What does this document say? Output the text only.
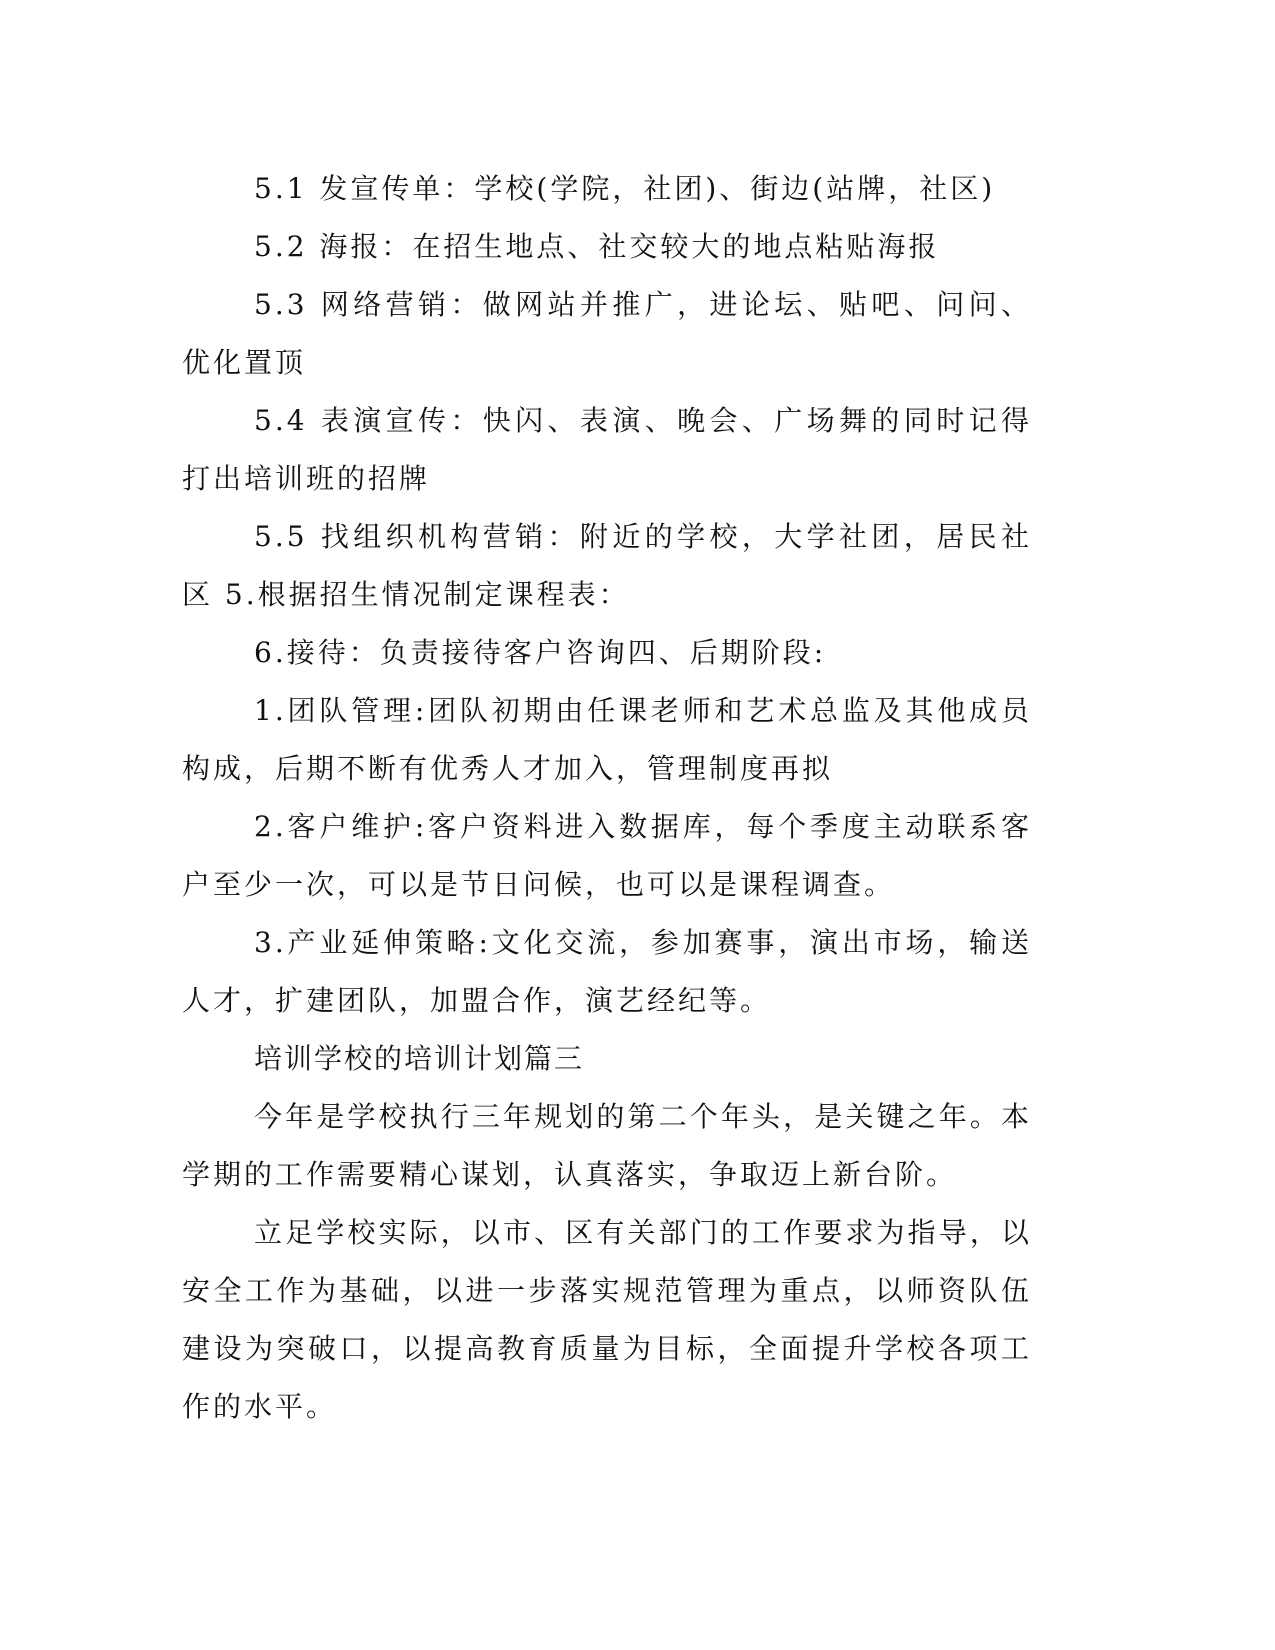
5.1 发宣传单：学校(学院，社团)、街边(站牌，社区)

5.2 海报：在招生地点、社交较大的地点粘贴海报

5.3 网络营销：做网站并推广，进论坛、贴吧、问问、优化置顶

5.4 表演宣传：快闪、表演、晚会、广场舞的同时记得打出培训班的招牌

5.5 找组织机构营销：附近的学校，大学社团，居民社区 5.根据招生情况制定课程表：

6.接待：负责接待客户咨询四、后期阶段:

1.团队管理:团队初期由任课老师和艺术总监及其他成员构成，后期不断有优秀人才加入，管理制度再拟

2.客户维护:客户资料进入数据库，每个季度主动联系客户至少一次，可以是节日问候，也可以是课程调查。

3.产业延伸策略:文化交流，参加赛事，演出市场，输送人才，扩建团队，加盟合作，演艺经纪等。

培训学校的培训计划篇三

今年是学校执行三年规划的第二个年头，是关键之年。本学期的工作需要精心谋划，认真落实，争取迈上新台阶。

立足学校实际，以市、区有关部门的工作要求为指导，以安全工作为基础，以进一步落实规范管理为重点，以师资队伍建设为突破口，以提高教育质量为目标，全面提升学校各项工作的水平。
